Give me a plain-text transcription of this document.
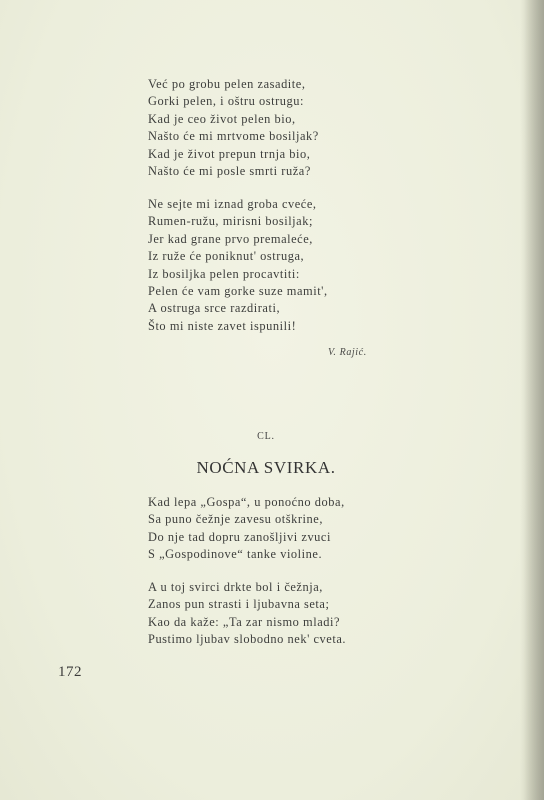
Već po grobu pelen zasadite,
Gorki pelen, i oštru ostrugu:
Kad je ceo život pelen bio,
Našto će mi mrtvome bosiljak?
Kad je život prepun trnja bio,
Našto će mi posle smrti ruža?
Ne sejte mi iznad groba cveće,
Rumen-ružu, mirisni bosiljak;
Jer kad grane prvo premaleće,
Iz ruže će poniknut' ostruga,
Iz bosiljka pelen procavtiti:
Pelen će vam gorke suze mamit',
A ostruga srce razdirati,
Što mi niste zavet ispunili!
V. Rajić.
CL.
NOĆNA SVIRKA.
Kad lepa „Gospa“, u ponoćno doba,
Sa puno čežnje zavesu otškrine,
Do nje tad dopru zanošljivi zvuci
S „Gospodinove“ tanke violine.
A u toj svirci drkte bol i čežnja,
Zanos pun strasti i ljubavna seta;
Kao da kaže: „Ta zar nismo mladi?
Pustimo ljubav slobodno nek' cveta.
172
